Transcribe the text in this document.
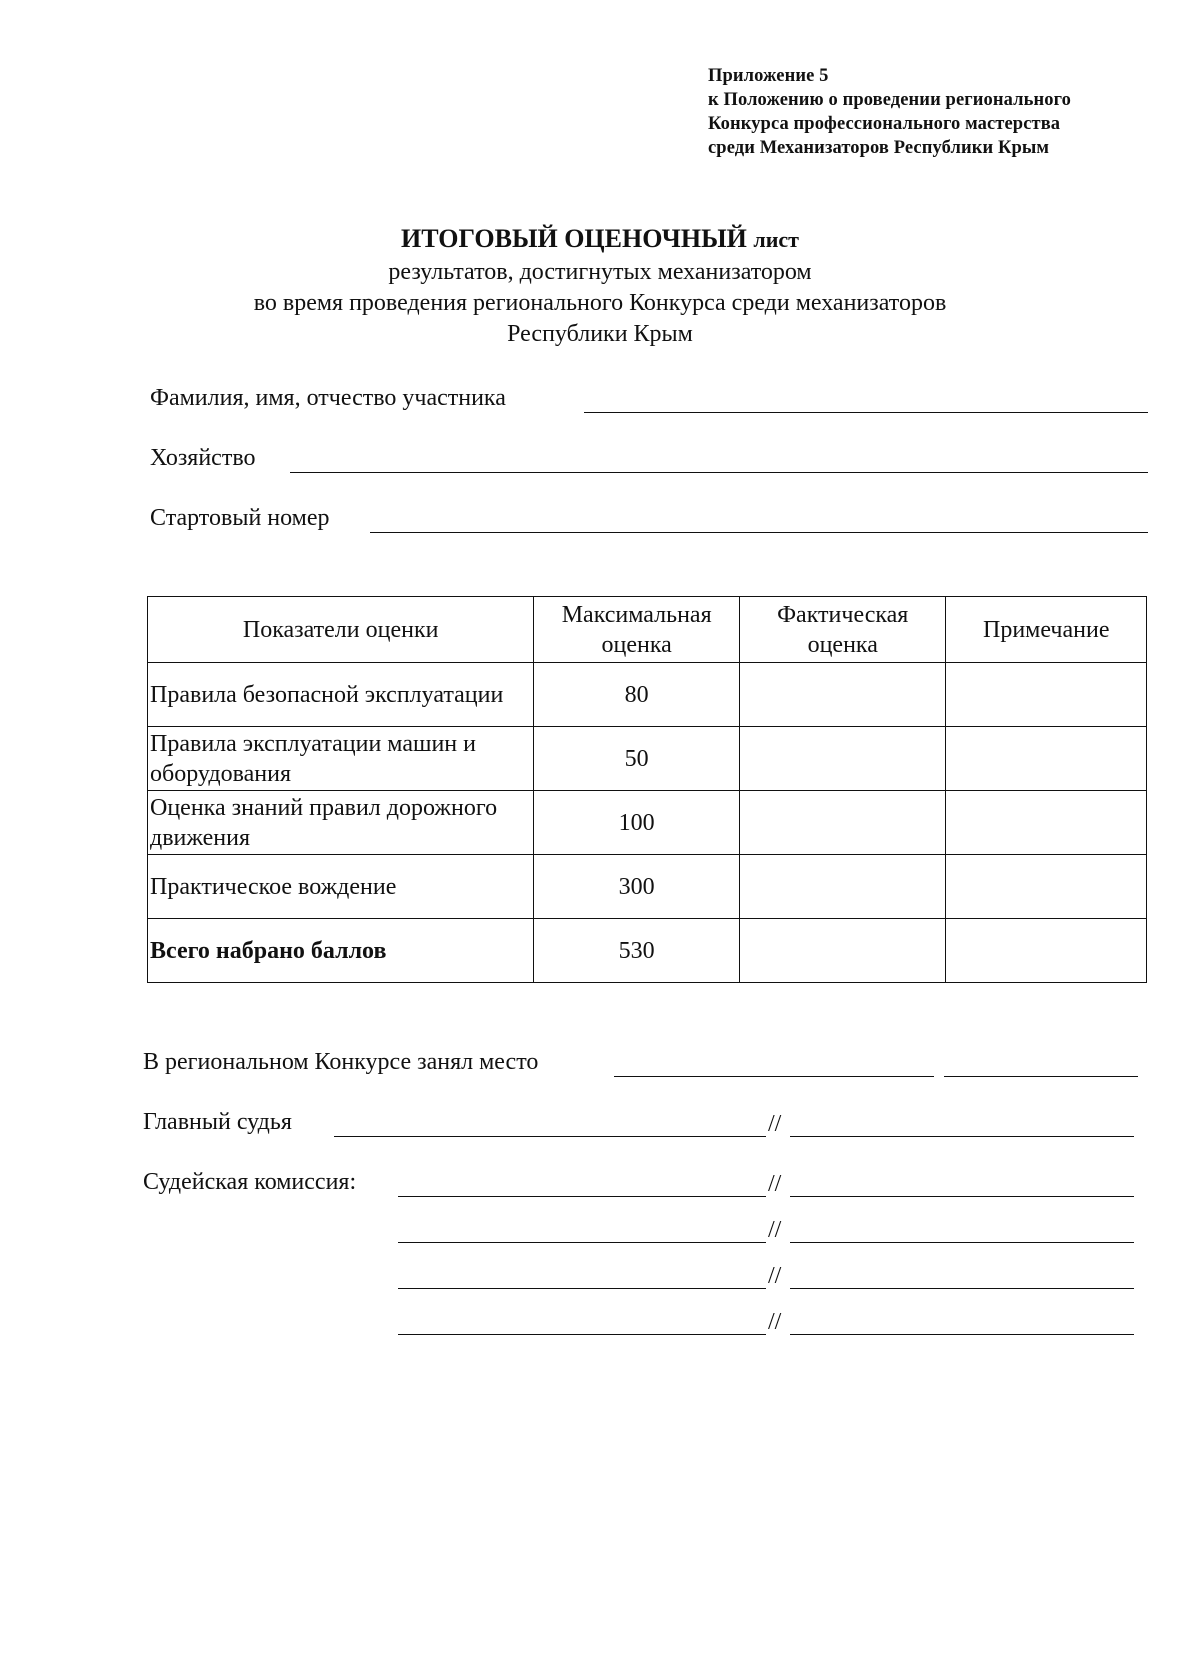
Приложение 5
к Положению о проведении регионального
Конкурса профессионального мастерства
среди Механизаторов Республики Крым
ИТОГОВЫЙ ОЦЕНОЧНЫЙ лист
результатов, достигнутых механизатором
во время проведения регионального Конкурса среди механизаторов
Республики Крым
Фамилия, имя, отчество участника
Хозяйство
Стартовый номер
Показатели оценки	Максимальная оценка	Фактическая оценка	Примечание
Правила безопасной эксплуатации	80		
Правила эксплуатации машин и оборудования	50		
Оценка знаний правил дорожного движения	100		
Практическое вождение	300		
Всего набрано баллов	530		
В региональном Конкурсе занял место
Главный судья	//
Судейская комиссия:	//
//
//
//
